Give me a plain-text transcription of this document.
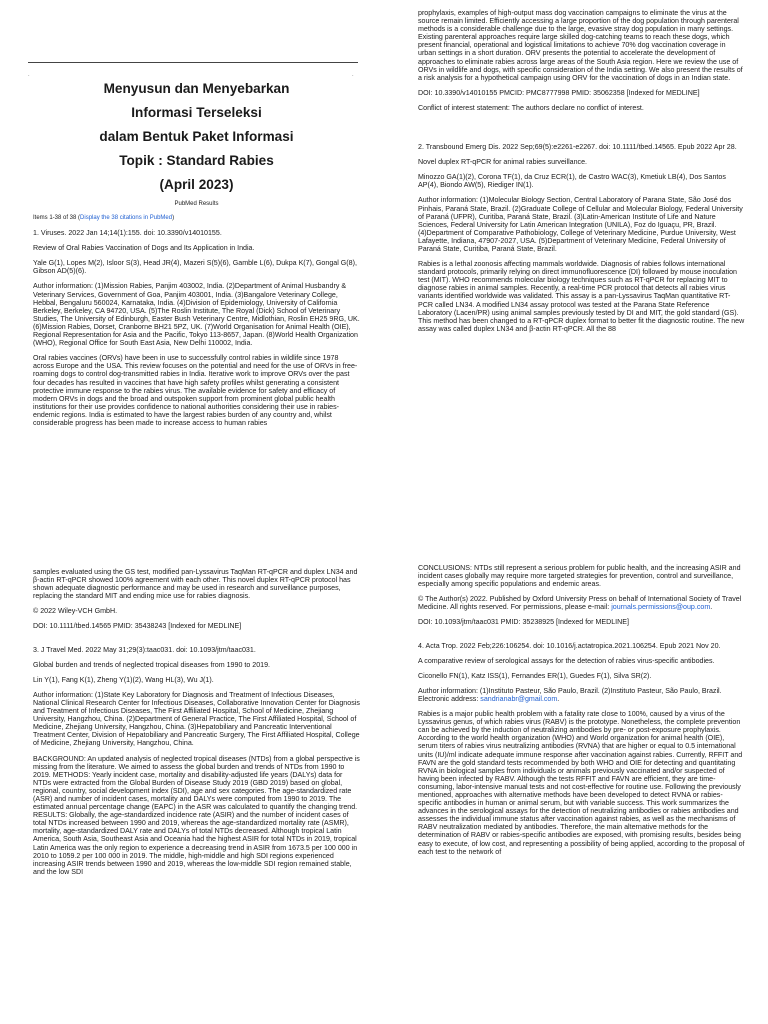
·	·

Menyusun dan Menyebarkan

Informasi Terseleksi

dalam Bentuk Paket Informasi

Topik : Standard Rabies

(April 2023)

PubMed Results

Items 1-38 of 38 (Display the 38 citations in PubMed)

1. Viruses. 2022 Jan 14;14(1):155. doi: 10.3390/v14010155.

Review of Oral Rabies Vaccination of Dogs and Its Application in India.

Yale G(1), Lopes M(2), Isloor S(3), Head JR(4), Mazeri S(5)(6), Gamble L(6), Dukpa K(7), Gongal G(8), Gibson AD(5)(6).

Author information: (1)Mission Rabies, Panjim 403002, India. (2)Department of Animal Husbandry & Veterinary Services, Government of Goa, Panjim 403001, India. (3)Bangalore Veterinary College, Hebbal, Bengaluru 560024, Karnataka, India. (4)Division of Epidemiology, University of California Berkeley, Berkeley, CA 94720, USA. (5)The Roslin Institute, The Royal (Dick) School of Veterinary Studies, The University of Edinburgh, Easter Bush Veterinary Centre, Midlothian, Roslin EH25 9RG, UK. (6)Mission Rabies, Dorset, Cranborne BH21 5PZ, UK. (7)World Organisation for Animal Health (OIE), Regional Representation for Asia and the Pacific, Tokyo 113-8657, Japan. (8)World Health Organization (WHO), Regional Office for South East Asia, New Delhi 110002, India.

Oral rabies vaccines (ORVs) have been in use to successfully control rabies in wildlife since 1978 across Europe and the USA. This review focuses on the potential and need for the use of ORVs in free-roaming dogs to control dog-transmitted rabies in India. Iterative work to improve ORVs over the past four decades has resulted in vaccines that have high safety profiles whilst generating a consistent protective immune response to the rabies virus. The available evidence for safety and efficacy of modern ORVs in dogs and the broad and outspoken support from prominent global public health institutions for their use provides confidence to national authorities considering their use in rabies-endemic regions. India is estimated to have the largest rabies burden of any country and, whilst considerable progress has been made to increase access to human rabies

prophylaxis, examples of high-output mass dog vaccination campaigns to eliminate the virus at the source remain limited. Efficiently accessing a large proportion of the dog population through parenteral methods is a considerable challenge due to the large, evasive stray dog population in many settings. Existing parenteral approaches require large skilled dog-catching teams to reach these dogs, which present financial, operational and logistical limitations to achieve 70% dog vaccination coverage in urban settings in a short duration. ORV presents the potential to accelerate the development of approaches to eliminate rabies across large areas of the South Asia region. Here we review the use of ORVs in wildlife and dogs, with specific consideration of the India setting. We also present the results of a risk analysis for a hypothetical campaign using ORV for the vaccination of dogs in an Indian state.

DOI: 10.3390/v14010155 PMCID: PMC8777998 PMID: 35062358 [Indexed for MEDLINE]

Conflict of interest statement: The authors declare no conflict of interest.

2. Transbound Emerg Dis. 2022 Sep;69(5):e2261-e2267. doi: 10.1111/tbed.14565. Epub 2022 Apr 28.

Novel duplex RT-qPCR for animal rabies surveillance.

Minozzo GA(1)(2), Corona TF(1), da Cruz ECR(1), de Castro WAC(3), Kmetiuk LB(4), Dos Santos AP(4), Biondo AW(5), Riediger IN(1).

Author information: (1)Molecular Biology Section, Central Laboratory of Parana State, São José dos Pinhais, Paraná State, Brazil. (2)Graduate College of Cellular and Molecular Biology, Federal University of Paraná (UFPR), Curitiba, Paraná State, Brazil. (3)Latin-American Institute of Life and Nature Sciences, Federal University for Latin American Integration (UNILA), Foz do Iguaçu, PR, Brazil. (4)Department of Comparative Pathobiology, College of Veterinary Medicine, Purdue University, West Lafayette, Indiana, 47907-2027, USA. (5)Department of Veterinary Medicine, Federal University of Paraná State, Curitiba, Paraná State, Brazil.

Rabies is a lethal zoonosis affecting mammals worldwide. Diagnosis of rabies follows international standard protocols, primarily relying on direct immunofluorescence (DI) followed by mouse inoculation test (MIT). WHO recommends molecular biology techniques such as RT-qPCR for replacing MIT to diagnose rabies in animal samples. Recently, a real-time PCR protocol that detects all rabies virus variants identified worldwide was validated. This assay is a pan-Lyssavirus TaqMan quantitative RT-PCR called LN34. A modified LN34 assay protocol was tested at the Parana State Reference Laboratory (Lacen/PR) using animal samples previously tested by DI and MIT, the gold standard (GS). This method has been changed to a RT-qPCR duplex format to better fit the diagnostic routine. The new assay was called duplex LN34 and β-actin RT-qPCR. All the 88

samples evaluated using the GS test, modified pan-Lyssavirus TaqMan RT-qPCR and duplex LN34 and β-actin RT-qPCR showed 100% agreement with each other. This novel duplex RT-qPCR protocol has shown adequate diagnostic performance and may be used in research and surveillance purposes, replacing the standard MIT and ending mice use for rabies diagnosis.

© 2022 Wiley-VCH GmbH.

DOI: 10.1111/tbed.14565 PMID: 35438243 [Indexed for MEDLINE]

3. J Travel Med. 2022 May 31;29(3):taac031. doi: 10.1093/jtm/taac031.

Global burden and trends of neglected tropical diseases from 1990 to 2019.

Lin Y(1), Fang K(1), Zheng Y(1)(2), Wang HL(3), Wu J(1).

Author information: (1)State Key Laboratory for Diagnosis and Treatment of Infectious Diseases, National Clinical Research Center for Infectious Diseases, Collaborative Innovation Center for Diagnosis and Treatment of Infectious Diseases, The First Affiliated Hospital, School of Medicine, Zhejiang University, Hangzhou, China. (2)Department of General Practice, The First Affiliated Hospital, School of Medicine, Zhejiang University, Hangzhou, China. (3)Hepatobiliary and Pancreatic Interventional Treatment Center, Division of Hepatobiliary and Pancreatic Surgery, The First Affiliated Hospital, College of Medicine, Zhejiang University, Hangzhou, China.

BACKGROUND: An updated analysis of neglected tropical diseases (NTDs) from a global perspective is missing from the literature. We aimed to assess the global burden and trends of NTDs from 1990 to 2019. METHODS: Yearly incident case, mortality and disability-adjusted life years (DALYs) data for NTDs were extracted from the Global Burden of Disease Study 2019 (GBD 2019) based on global, regional, country, social development index (SDI), age and sex categories. The age-standardized rate (ASR) and number of incident cases, mortality and DALYs were computed from 1990 to 2019. The estimated annual percentage change (EAPC) in the ASR was calculated to quantify the changing trend. RESULTS: Globally, the age-standardized incidence rate (ASIR) and the number of incident cases of total NTDs increased between 1990 and 2019, whereas the age-standardized mortality rate (ASMR), mortality, age-standardized DALY rate and DALYs of total NTDs decreased. Although tropical Latin America, South Asia, Southeast Asia and Oceania had the highest ASIR for total NTDs in 2019, tropical Latin America was the only region to experience a decreasing trend in ASIR from 1673.5 per 100 000 in 2010 to 1059.2 per 100 000 in 2019. The middle, high-middle and high SDI regions experienced increasing ASIR trends between 1990 and 2019, whereas the low-middle SDI region remained stable, and the low SDI

CONCLUSIONS: NTDs still represent a serious problem for public health, and the increasing ASIR and incident cases globally may require more targeted strategies for prevention, control and surveillance, especially among specific populations and endemic areas.

© The Author(s) 2022. Published by Oxford University Press on behalf of International Society of Travel Medicine. All rights reserved. For permissions, please e-mail: journals.permissions@oup.com.

DOI: 10.1093/jtm/taac031 PMID: 35238925 [Indexed for MEDLINE]

4. Acta Trop. 2022 Feb;226:106254. doi: 10.1016/j.actatropica.2021.106254. Epub 2021 Nov 20.

A comparative review of serological assays for the detection of rabies virus-specific antibodies.

Ciconello FN(1), Katz ISS(1), Fernandes ER(1), Guedes F(1), Silva SR(2).

Author information: (1)Instituto Pasteur, São Paulo, Brazil. (2)Instituto Pasteur, São Paulo, Brazil. Electronic address: sandrianabr@gmail.com.

Rabies is a major public health problem with a fatality rate close to 100%, caused by a virus of the Lyssavirus genus, of which rabies virus (RABV) is the prototype. Nonetheless, the complete prevention can be achieved by the induction of neutralizing antibodies by pre- or post-exposure prophylaxis. According to the world health organization (WHO) and World organization for animal health (OIE), serum titers of rabies virus neutralizing antibodies (RVNA) that are higher or equal to 0.5 international units (IU)/ml indicate adequate immune response after vaccination against rabies. Currently, RFFIT and FAVN are the gold standard tests recommended by both WHO and OIE for detecting and quantitating RVNA in biological samples from individuals or animals previously vaccinated and/or suspected of having been infected by RABV. Although the tests RFFIT and FAVN are efficient, they are time-consuming, labor-intensive manual tests and not cost-effective for routine use. Following the previously mentioned, approaches with alternative methods have been developed to detect RVNA or rabies-specific antibodies in human or animal serum, but with variable success. This work summarizes the advances in the serological assays for the detection of neutralizing antibodies or rabies antibodies and assesses the individual immune status after vaccination against rabies, as well as the mechanisms of RABV neutralization mediated by antibodies. Therefore, the main alternative methods for the determination of RABV or rabies-specific antibodies are exposed, with promising results, besides being easy to execute, of low cost, and representing a possibility of being applied, according to the proposal of each test to the network of
